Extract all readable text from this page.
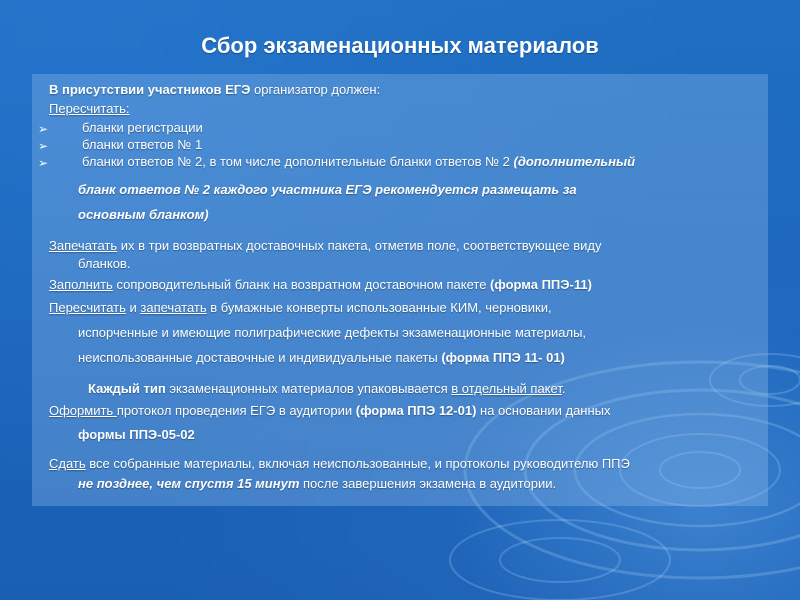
Сбор экзаменационных материалов
В присутствии участников ЕГЭ организатор должен:
Пересчитать:
➢	бланки регистрации
➢	бланки ответов № 1
➢	бланки ответов № 2, в том числе дополнительные бланки ответов № 2 (дополнительный
бланк ответов № 2 каждого участника ЕГЭ рекомендуется размещать за
основным бланком)
Запечатать их в три возвратных доставочных пакета, отметив поле, соответствующее виду
бланков.
Заполнить сопроводительный бланк на возвратном доставочном пакете (форма ППЭ-11)
Пересчитать и запечатать в бумажные конверты использованные КИМ, черновики,
испорченные и имеющие полиграфические дефекты экзаменационные материалы,
неиспользованные доставочные и индивидуальные пакеты (форма ППЭ 11- 01)
Каждый тип экзаменационных материалов упаковывается в отдельный пакет.
Оформить протокол проведения ЕГЭ в аудитории (форма ППЭ 12-01) на основании данных
формы ППЭ-05-02
Сдать все собранные материалы, включая неиспользованные, и протоколы руководителю ППЭ
не позднее, чем спустя 15 минут после завершения экзамена в аудитории.
